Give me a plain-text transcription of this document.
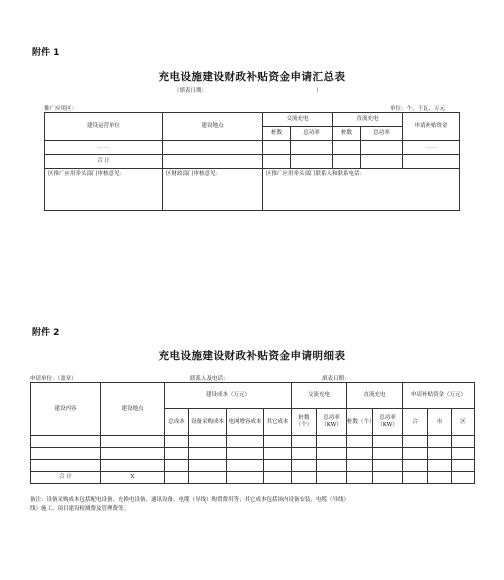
附件 1
充电设施建设财政补贴资金申请汇总表
（填表日期：	）
推广应用区：	单位：个、千瓦、万元
建设运营单位	建设地点	交流充电		直流充电		申请补贴资金
		桩数	总功率	桩数	总功率	
……						……
合 计						
区推广应用牵头部门审核意见：	区财政部门审核意见：	区推广应用牵头部门联系人和联系电话：				
附件 2
充电设施建设财政补贴资金申请明细表
申请单位：（盖章）	联系人及电话：	填表日期：
建设内容	建设地点	建设成本（万元）				交流充电		直流充电		申请补贴资金（万元）		
		总成本	设备采购成本	电网增容成本	其它成本	桩数（个）	总功率（KW）	桩数（个）	总功率（KW）	合	市	区

合 计	X											
备注：设备采购成本包括配电设备、充换电设备、通讯设备、电缆（导线）购置费用等；其它成本包括场内设备安装、电缆（导线）
线）施工、项目建设检测费及管理费等。
